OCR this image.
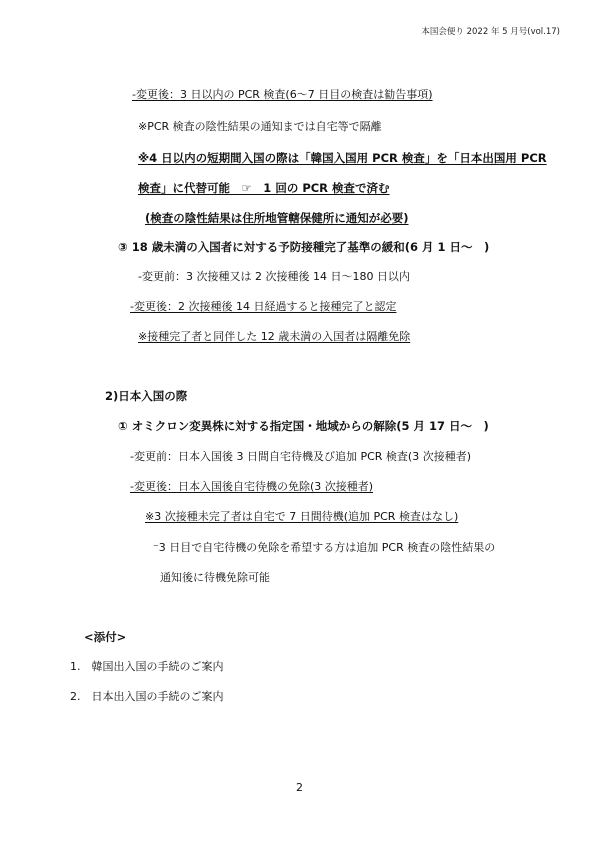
本国会便り 2022 年 5 月号(vol.17)
-変更後：3 日以内の PCR 検査(6～7 日目の検査は勧告事項)
※PCR 検査の陰性結果の通知までは自宅等で隔離
※4 日以内の短期間入国の際は「韓国入国用 PCR 検査」を「日本出国用 PCR
検査」に代替可能　☞　1 回の PCR 検査で済む
(検査の陰性結果は住所地管轄保健所に通知が必要)
③ 18 歳未満の入国者に対する予防接種完了基準の緩和(6 月 1 日～　)
-変更前：3 次接種又は 2 次接種後 14 日～180 日以内
-変更後：2 次接種後 14 日経過すると接種完了と認定
※接種完了者と同伴した 12 歳未満の入国者は隔離免除
2)日本入国の際
① オミクロン変異株に対する指定国・地域からの解除(5 月 17 日～　)
-変更前：日本入国後 3 日間自宅待機及び追加 PCR 検査(3 次接種者)
-変更後：日本入国後自宅待機の免除(3 次接種者)
※3 次接種未完了者は自宅で 7 日間待機(追加 PCR 検査はなし)
⁻3 日目で自宅待機の免除を希望する方は追加 PCR 検査の陰性結果の
通知後に待機免除可能
<添付>
1.　韓国出入国の手続のご案内
2.　日本出入国の手続のご案内
2
